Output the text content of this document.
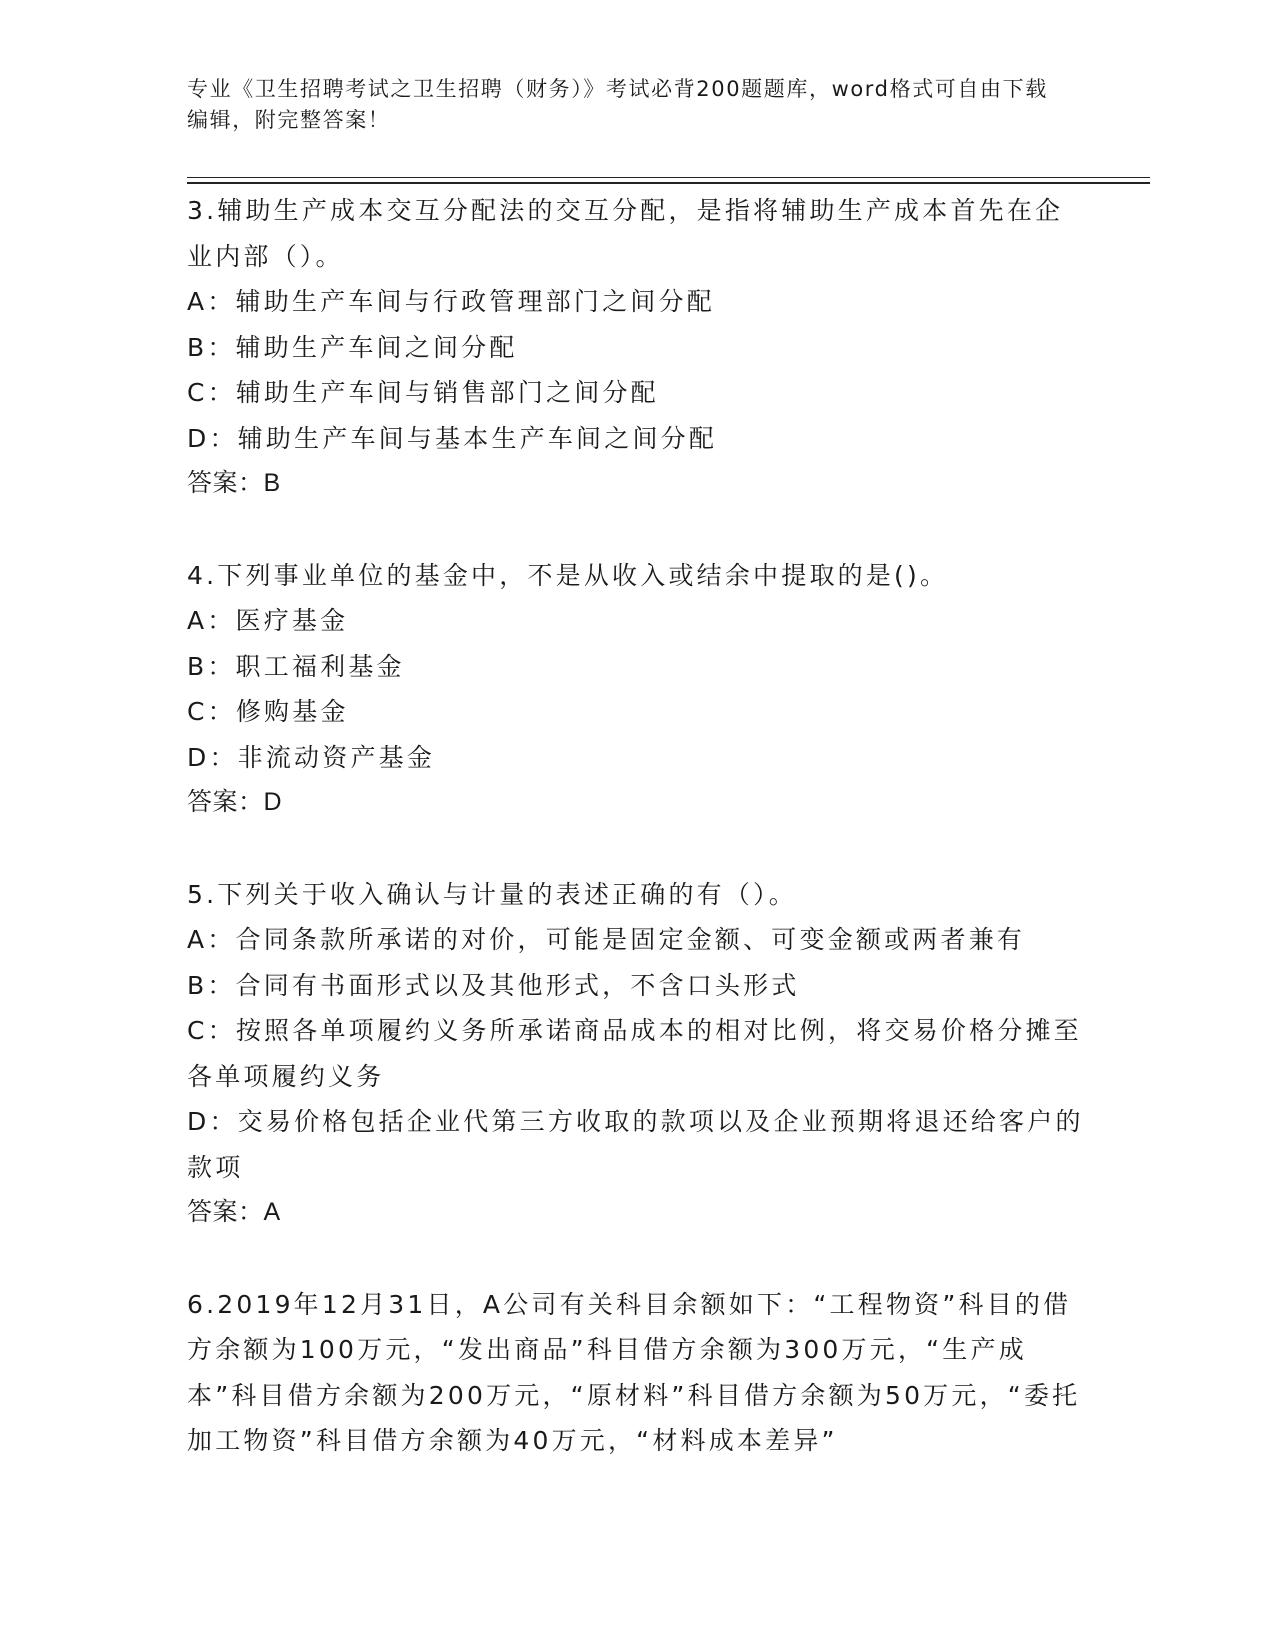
专业《卫生招聘考试之卫生招聘（财务）》考试必背200题题库，word格式可自由下载编辑，附完整答案！
3.辅助生产成本交互分配法的交互分配，是指将辅助生产成本首先在企业内部（）。
A：辅助生产车间与行政管理部门之间分配
B：辅助生产车间之间分配
C：辅助生产车间与销售部门之间分配
D：辅助生产车间与基本生产车间之间分配
答案：B
4.下列事业单位的基金中，不是从收入或结余中提取的是()。
A：医疗基金
B：职工福利基金
C：修购基金
D：非流动资产基金
答案：D
5.下列关于收入确认与计量的表述正确的有（）。
A：合同条款所承诺的对价，可能是固定金额、可变金额或两者兼有
B：合同有书面形式以及其他形式，不含口头形式
C：按照各单项履约义务所承诺商品成本的相对比例，将交易价格分摊至各单项履约义务
D：交易价格包括企业代第三方收取的款项以及企业预期将退还给客户的款项
答案：A
6.2019年12月31日，A公司有关科目余额如下：“工程物资”科目的借方余额为100万元，“发出商品”科目借方余额为300万元，“生产成本”科目借方余额为200万元，“原材料”科目借方余额为50万元，“委托加工物资”科目借方余额为40万元，“材料成本差异”
